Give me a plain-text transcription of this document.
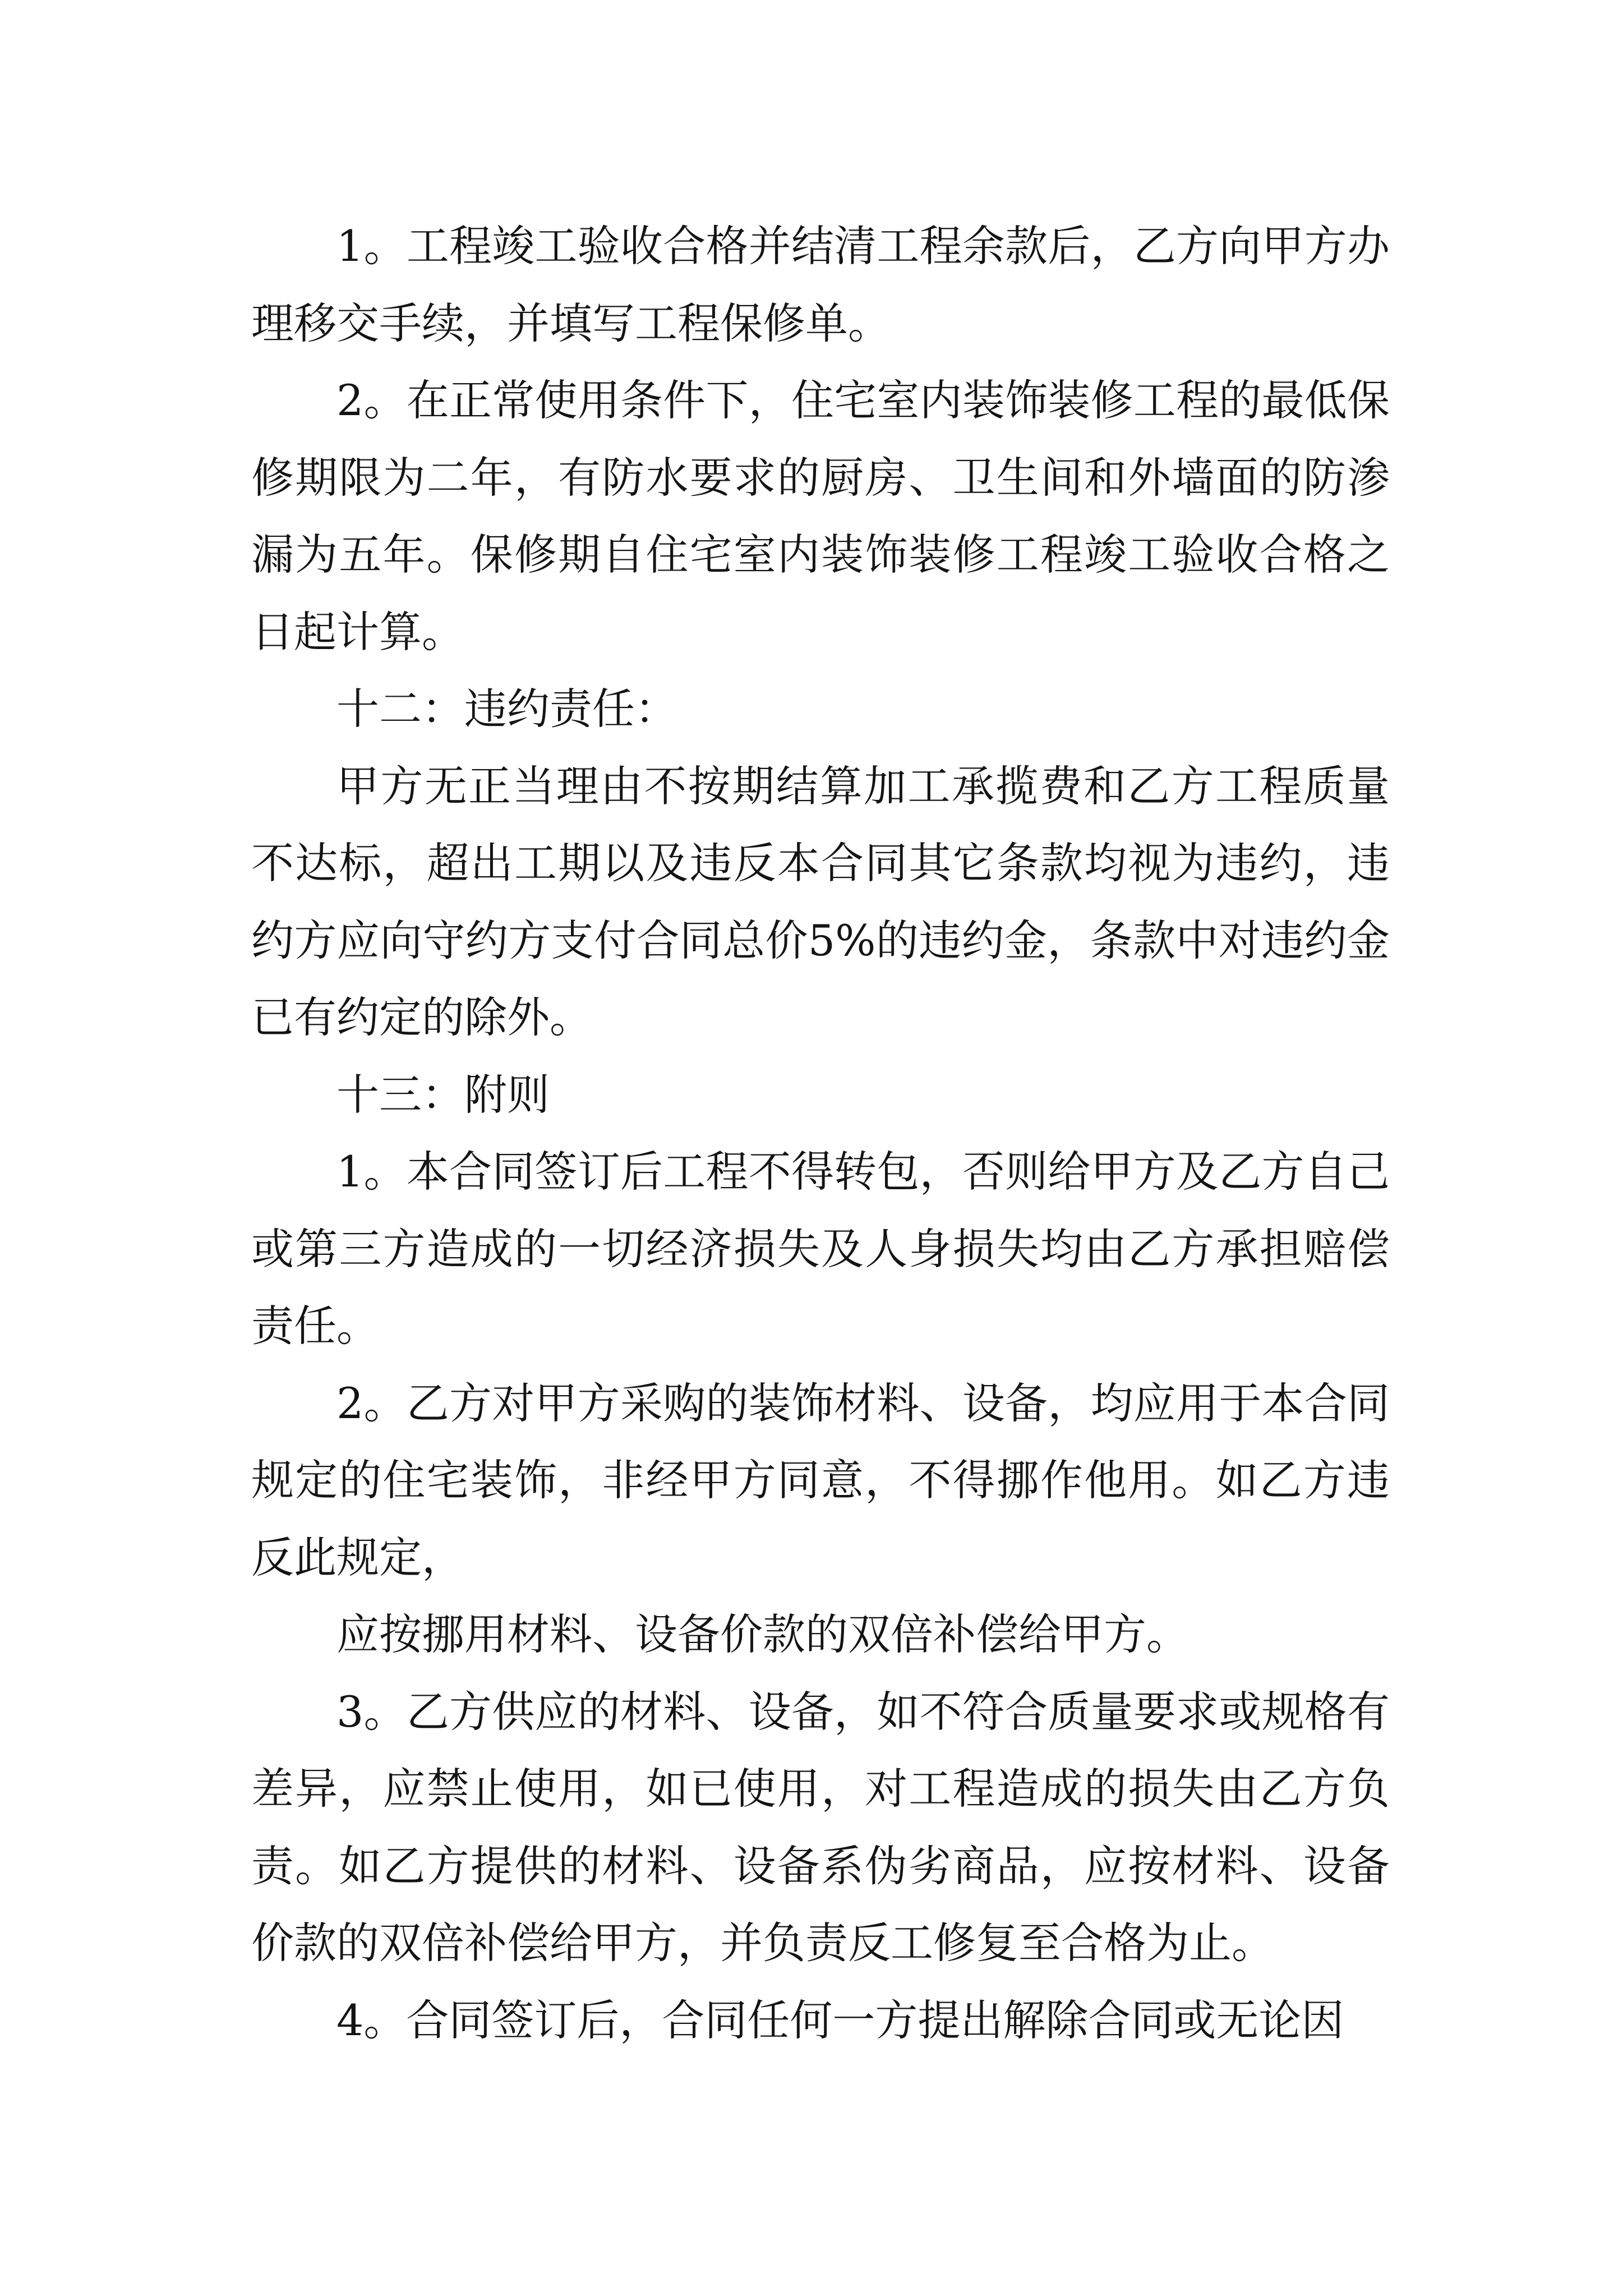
1。工程竣工验收合格并结清工程余款后，乙方向甲方办理移交手续，并填写工程保修单。

2。在正常使用条件下，住宅室内装饰装修工程的最低保修期限为二年，有防水要求的厨房、卫生间和外墙面的防渗漏为五年。保修期自住宅室内装饰装修工程竣工验收合格之日起计算。

十二：违约责任：

甲方无正当理由不按期结算加工承揽费和乙方工程质量不达标，超出工期以及违反本合同其它条款均视为违约，违约方应向守约方支付合同总价5%的违约金，条款中对违约金已有约定的除外。

十三：附则

1。本合同签订后工程不得转包，否则给甲方及乙方自己或第三方造成的一切经济损失及人身损失均由乙方承担赔偿责任。

2。乙方对甲方采购的装饰材料、设备，均应用于本合同规定的住宅装饰，非经甲方同意，不得挪作他用。如乙方违反此规定，

应按挪用材料、设备价款的双倍补偿给甲方。

3。乙方供应的材料、设备，如不符合质量要求或规格有差异，应禁止使用，如已使用，对工程造成的损失由乙方负责。如乙方提供的材料、设备系伪劣商品，应按材料、设备价款的双倍补偿给甲方，并负责反工修复至合格为止。

4。合同签订后，合同任何一方提出解除合同或无论因
